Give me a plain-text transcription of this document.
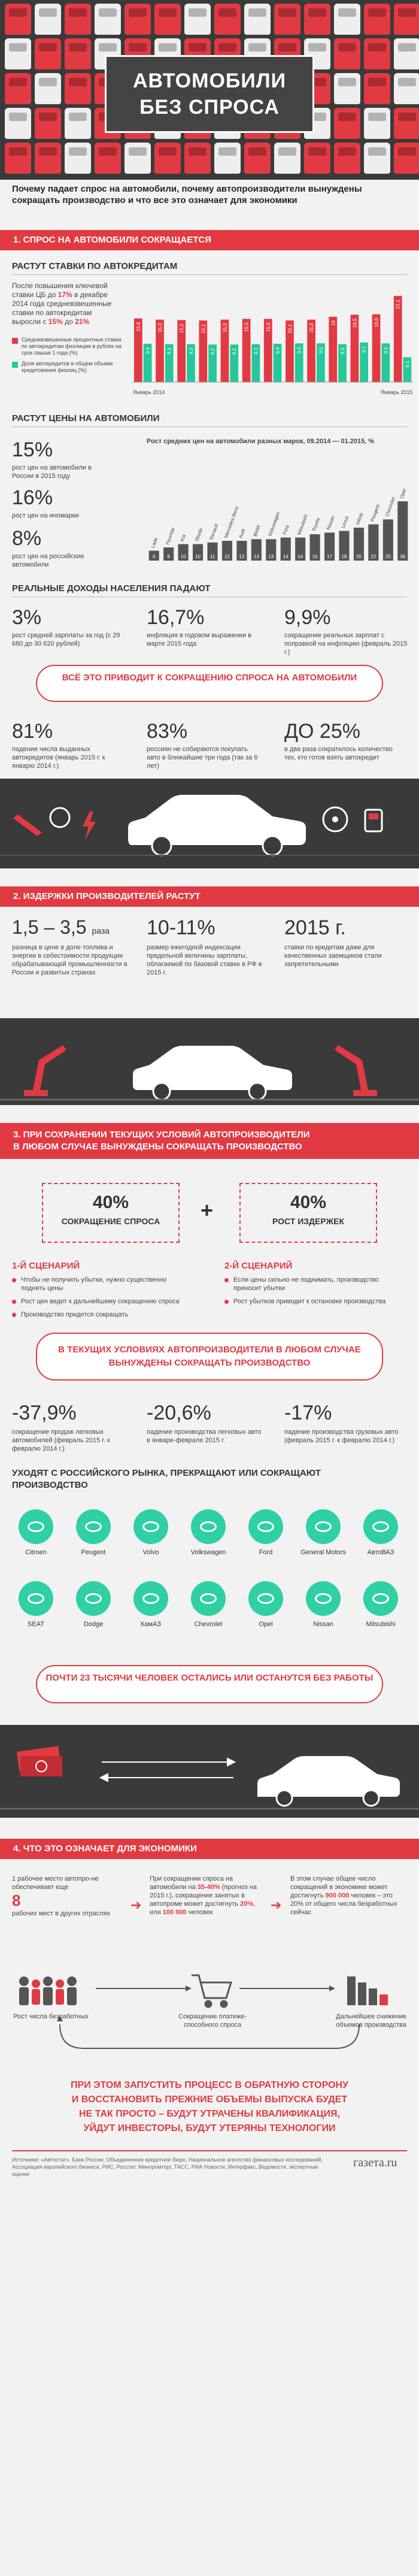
АВТОМОБИЛИ
БЕЗ СПРОСА
Почему падает спрос на автомобили, почему автопроизводители вынуждены сокращать производство и что все это означает для экономики
1. СПРОС НА АВТОМОБИЛИ СОКРАЩАЕТСЯ
РАСТУТ СТАВКИ ПО АВТОКРЕДИТАМ
После повышения ключевой ставки ЦБ до 17% в декабре 2014 года средневзвешенные ставки по автокредитам выросли с 15% до 21%
Средневзвешенные процентные ставки по автокредитам физлицам в рублях на срок свыше 1 года (%)
Доля автокредитов в общем объеме кредитования физлиц (%)
15,6	15,3	15,2	15,1	15,3	15,5	15,5	15,1	15,3
16	16,5	16,6
21,1
9,4	9,3	9,3	9,2	9,2	9,3	9,4	9,5	9,5	9,3	9,7	9,5
6,1
Январь 2014	Январь 2015
РАСТУТ ЦЕНЫ НА АВТОМОБИЛИ
15%
рост цен на автомобили в России в 2015 году
16%
рост цен на иномарки
8%
рост цен на российские автомобили
Рост средних цен на автомобили разных марок, 09.2014 — 01.2015, %
6
Lada
8
Hyundai
10
Kia
10
Skoda
11
Renault
12
Mercedes-Benz
12
Audi
13
BMW
13
Volkswagen
14
Ford
14
Mitsubishi
16
Toyota
17
Nissan
18
Lexus
20
Infiniti
22
Peugeot
25
Chevrolet
36
Opel
РЕАЛЬНЫЕ ДОХОДЫ НАСЕЛЕНИЯ ПАДАЮТ
3%
рост средней зарплаты за год (с 29 680 до 30 620 рублей)
16,7%
инфляция в годовом выражении в марте 2015 года
9,9%
сокращение реальных зарплат с поправкой на инфляцию (февраль 2015 г.)
ВСЁ ЭТО ПРИВОДИТ К СОКРАЩЕНИЮ СПРОСА НА АВТОМОБИЛИ
81%
падение числа выданных автокредитов (январь 2015 г. к январю 2014 г.)
83%
россиян не собираются покупать авто в ближайшие три года (так за 6 лет)
ДО 25%
в два раза сократилось количество тех, кто готов взять автокредит
2. ИЗДЕРЖКИ ПРОИЗВОДИТЕЛЕЙ РАСТУТ
1,5 – 3,5 раза
разница в цене в доле топлива и энергии в себестоимости продукции обрабатывающей промышленности в России и развитых странах
10-11%
размер ежегодной индексации предельной величины зарплаты, облагаемой по базовой ставке в РФ в 2015 г.
2015 г.
ставки по кредитам даже для качественных заемщиков стали запретительными
3. ПРИ СОХРАНЕНИИ ТЕКУЩИХ УСЛОВИЙ АВТОПРОИЗВОДИТЕЛИ
В ЛЮБОМ СЛУЧАЕ ВЫНУЖДЕНЫ СОКРАЩАТЬ ПРОИЗВОДСТВО
40%
СОКРАЩЕНИЕ СПРОСА	+	40%
РОСТ ИЗДЕРЖЕК
1-Й СЦЕНАРИЙ
Чтобы не получить убытки, нужно существенно поднять цены
Рост цен ведет к дальнейшему сокращению спроса
Производство придется сокращать
2-Й СЦЕНАРИЙ
Если цены сильно не поднимать, производство приносит убытки
Рост убытков приводит к остановке производства
В ТЕКУЩИХ УСЛОВИЯХ АВТОПРОИЗВОДИТЕЛИ В ЛЮБОМ СЛУЧАЕ ВЫНУЖДЕНЫ СОКРАЩАТЬ ПРОИЗВОДСТВО
-37,9%
сокращение продаж легковых автомобилей (февраль 2015 г. к февралю 2014 г.)
-20,6%
падение производства легковых авто в январе-феврале 2015 г.
-17%
падение производства грузовых авто (февраль 2015 г. к февралю 2014 г.)
УХОДЯТ С РОССИЙСКОГО РЫНКА, ПРЕКРАЩАЮТ ИЛИ СОКРАЩАЮТ ПРОИЗВОДСТВО
Citroen	Peugeot	Volvo	Volkswagen	Ford	General Motors	АвтоВАЗ
SEAT	Dodge	КамАЗ	Chevrolet	Opel	Nissan	Mitsubishi
ПОЧТИ 23 ТЫСЯЧИ ЧЕЛОВЕК ОСТАЛИСЬ ИЛИ ОСТАНУТСЯ БЕЗ РАБОТЫ
4. ЧТО ЭТО ОЗНАЧАЕТ ДЛЯ ЭКОНОМИКИ
1 рабочее место автопро-не обеспечивает еще
8
рабочих мест в других отраслях
➔
При сокращении спроса на автомобили на 35-40% (прогноз на 2015 г.), сокращение занятых в автопроме может достигнуть 20%, или 100 000 человек	➔
В этом случае общее число сокращений в экономике может достигнуть 900 000 человек – это 20% от общего числа безработных сейчас
Рост числа безработных	Сокращение платеже- способного спроса
Дальнейшее снижение объемов производства
ПРИ ЭТОМ ЗАПУСТИТЬ ПРОЦЕСС В ОБРАТНУЮ СТОРОНУ
И ВОССТАНОВИТЬ ПРЕЖНИЕ ОБЪЕМЫ ВЫПУСКА БУДЕТ
НЕ ТАК ПРОСТО – БУДУТ УТРАЧЕНЫ КВАЛИФИКАЦИЯ,
УЙДУТ ИНВЕСТОРЫ, БУДУТ УТЕРЯНЫ ТЕХНОЛОГИИ
Источники: «Автостат», Банк России, Объединенное кредитное бюро, Национальное агентство финансовых исследований, Ассоциация европейского бизнеса, РИС, Росстат, Минпромторг, ТАСС, РИА Новости, Интерфакс, Ведомости, экспертные оценки
газета.ru
